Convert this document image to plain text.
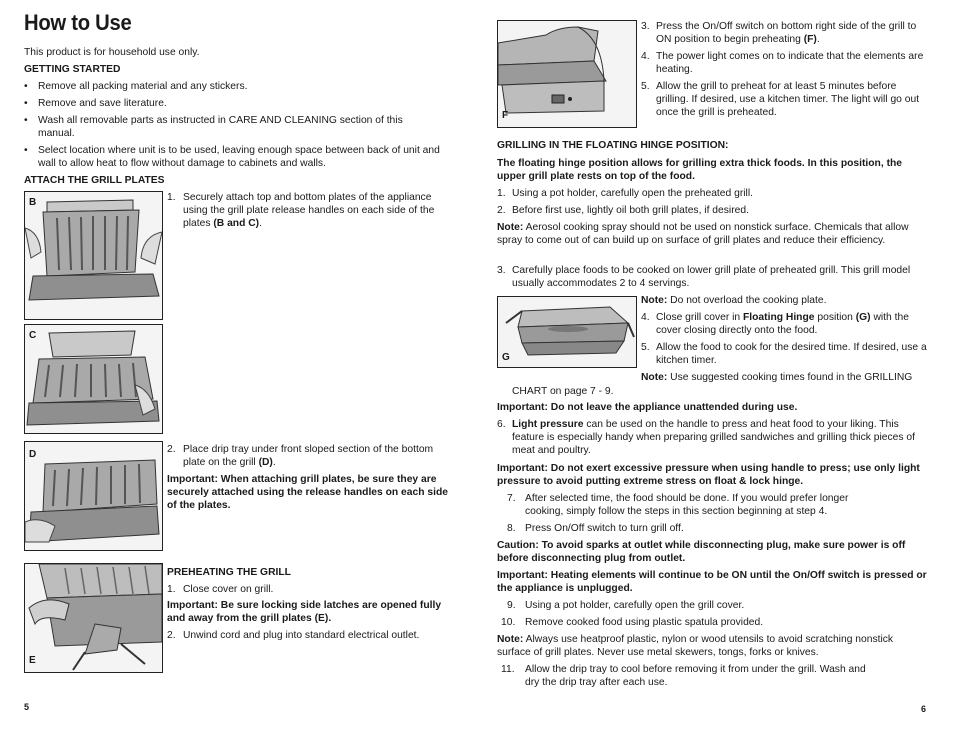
How to Use

This product is for household use only.

GETTING STARTED

• Remove all packing material and any stickers.
• Remove and save literature.
• Wash all removable parts as instructed in CARE AND CLEANING section of this manual.
• Select location where unit is to be used, leaving enough space between back of unit and wall to allow heat to flow without damage to cabinets and walls.

ATTACH THE GRILL PLATES

B	1. Securely attach top and bottom plates of the appliance using the grill plate release handles on each side of the plates (B and C).
C
D	2. Place drip tray under front sloped section of the bottom plate on the grill (D).

Important: When attaching grill plates, be sure they are securely attached using the release handles on each side of the plates.

E

PREHEATING THE GRILL

1. Close cover on grill.

Important: Be sure locking side latches are opened fully and away from the grill plates (E).

2. Unwind cord and plug into standard electrical outlet.
5
F
3. Press the On/Off switch on bottom right side of the grill to ON position to begin preheating (F).
4. The power light comes on to indicate that the elements are heating.
5. Allow the grill to preheat for at least 5 minutes before grilling. If desired, use a kitchen timer. The light will go out once the grill is preheated.

GRILLING IN THE FLOATING HINGE POSITION:

The floating hinge position allows for grilling extra thick foods. In this position, the upper grill plate rests on top of the food.

1. Using a pot holder, carefully open the preheated grill.
2. Before first use, lightly oil both grill plates, if desired.

Note: Aerosol cooking spray should not be used on nonstick surface. Chemicals that allow spray to come out of can build up on surface of grill plates and reduce their efficiency.

3. Carefully place foods to be cooked on lower grill plate of preheated grill. This grill model usually accommodates 2 to 4 servings.
G

Note: Do not overload the cooking plate.

4. Close grill cover in Floating Hinge position (G) with the cover closing directly onto the food.
5. Allow the food to cook for the desired time. If desired, use a kitchen timer.

Note: Use suggested cooking times found in the GRILLING

CHART on page 7 - 9.

Important: Do not leave the appliance unattended during use.

6. Light pressure can be used on the handle to press and heat food to your liking. This feature is especially handy when preparing grilled sandwiches and grilling thick pieces of meat and poultry.

Important: Do not exert excessive pressure when using handle to press; use only light pressure to avoid putting extreme stress on float & lock hinge.

7. After selected time, the food should be done. If you would prefer longer cooking, simply follow the steps in this section beginning at step 4.
8. Press On/Off switch to turn grill off.

Caution: To avoid sparks at outlet while disconnecting plug, make sure power is off before disconnecting plug from outlet.

Important: Heating elements will continue to be ON until the On/Off switch is pressed or the appliance is unplugged.

9. Using a pot holder, carefully open the grill cover.
10. Remove cooked food using plastic spatula provided.

Note: Always use heatproof plastic, nylon or wood utensils to avoid scratching nonstick surface of grill plates. Never use metal skewers, tongs, forks or knives.

11. Allow the drip tray to cool before removing it from under the grill. Wash and dry the drip tray after each use.
6
